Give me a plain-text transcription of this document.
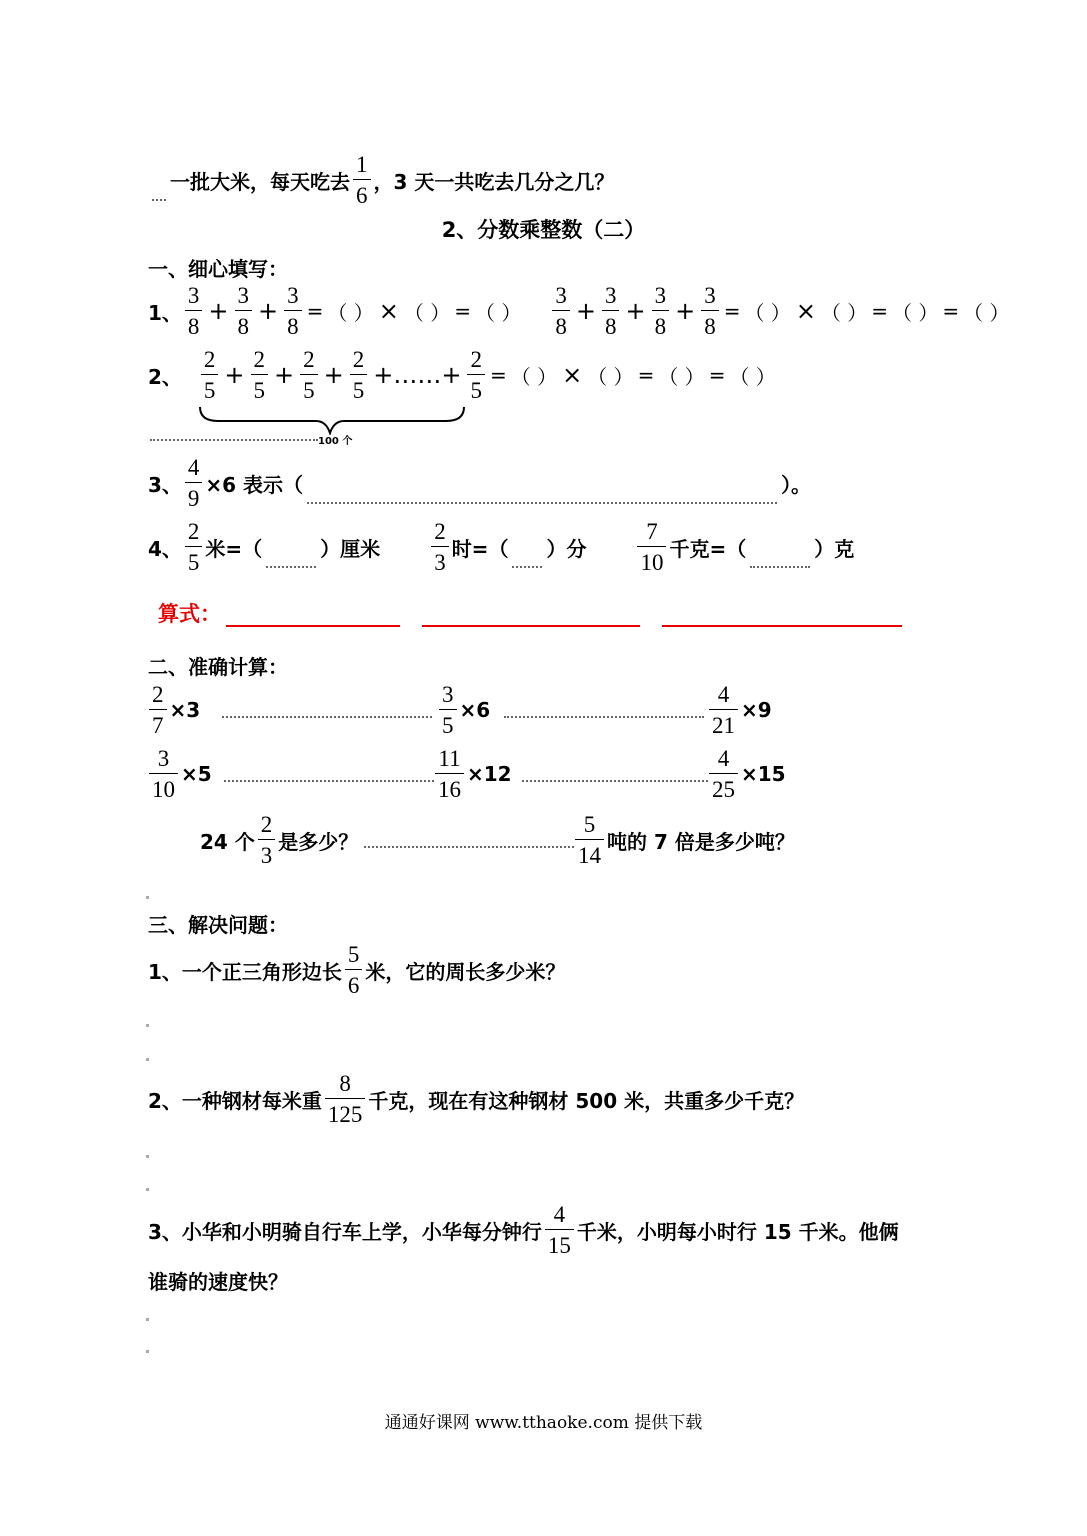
一批大米，每天吃去 $\frac{1}{6}$ ，3 天一共吃去几分之几？
2、分数乘整数（二）
一、细心填写：
1、 $\frac{3}{8} + \frac{3}{8} + \frac{3}{8}$ = （ ） × （ ） = （ ） $\frac{3}{8} + \frac{3}{8} + \frac{3}{8} + \frac{3}{8}$ = （ ） × （ ） = （ ） = （ ）
2、 $\frac{2}{5} + \frac{2}{5} + \frac{2}{5} + \frac{2}{5}$ +……+ $\frac{2}{5}$ = （ ） × （ ） = （ ） = （ ）
100 个
3、 $\frac{4}{9} \times 6$ 表示（	）。
4、 $\frac{2}{5}$ 米=（	）厘米 $\frac{2}{3}$ 时=（ ）分 $\frac{7}{10}$ 千克=（	）克
算式：
二、准确计算：
$\frac{2}{7} \times 3$	$\frac{3}{5} \times 6$	$\frac{4}{21} \times 9$
$\frac{3}{10} \times 5$	$\frac{11}{16} \times 12$	$\frac{4}{25} \times 15$
24 个 $\frac{2}{3}$ 是多少？	$\frac{5}{14}$ 吨的 7 倍是多少吨？
三、解决问题：
1、一个正三角形边长 $\frac{5}{6}$ 米，它的周长多少米？
2、一种钢材每米重 $\frac{8}{125}$ 千克，现在有这种钢材 500 米，共重多少千克？
3、小华和小明骑自行车上学，小华每分钟行 $\frac{4}{15}$ 千米，小明每小时行 15 千米。他俩
谁骑的速度快？
通通好课网 www.tthaoke.com 提供下载
